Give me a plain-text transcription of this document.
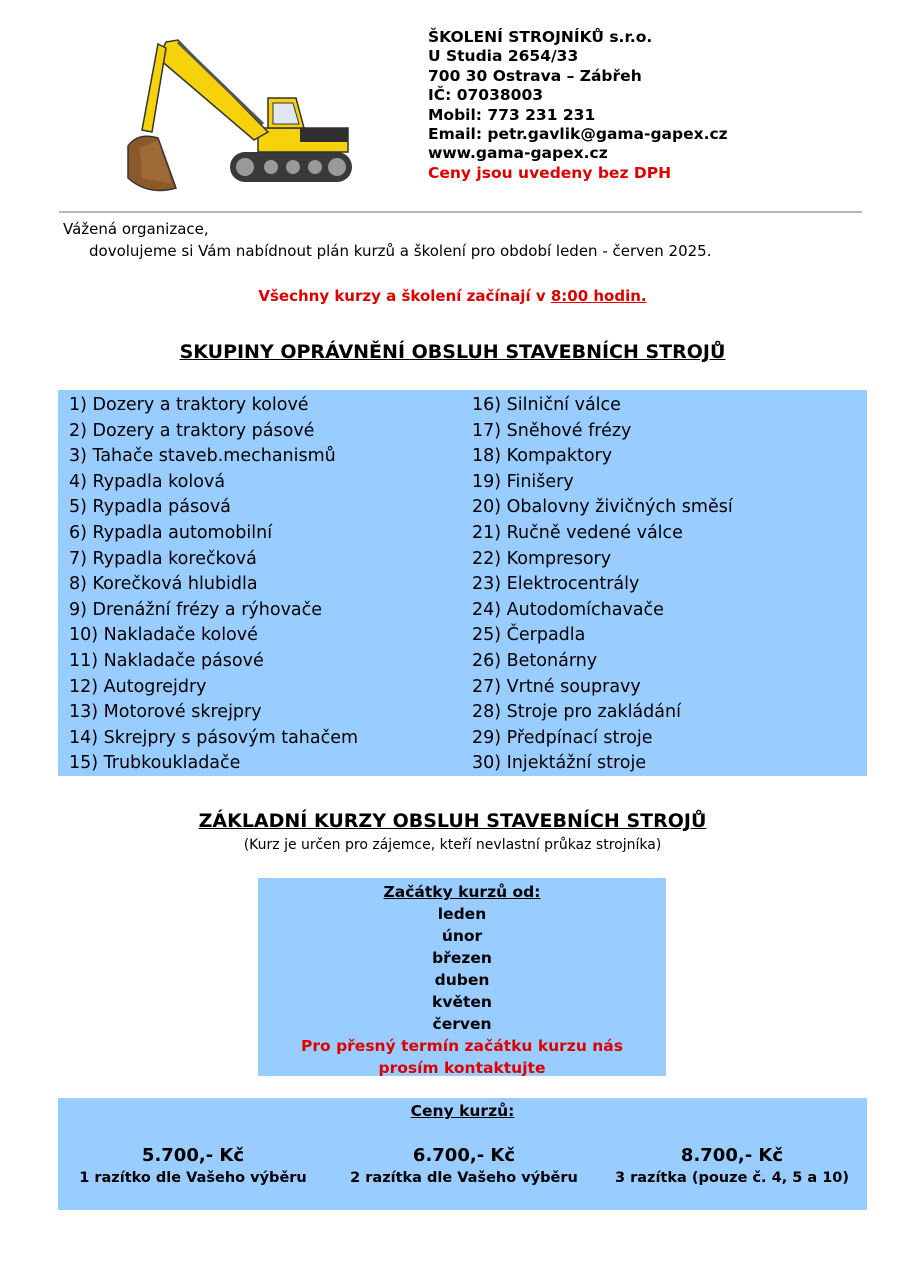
ŠKOLENÍ STROJNÍKŮ s.r.o.
U Studia 2654/33
700 30 Ostrava – Zábřeh
IČ: 07038003
Mobil: 773 231 231
Email: petr.gavlik@gama-gapex.cz
www.gama-gapex.cz
Ceny jsou uvedeny bez DPH
Vážená organizace,
dovolujeme si Vám nabídnout plán kurzů a školení pro období leden - červen 2025.
Všechny kurzy a školení začínají v 8:00 hodin.
SKUPINY OPRÁVNĚNÍ OBSLUH STAVEBNÍCH STROJŮ
1) Dozery a traktory kolové
2) Dozery a traktory pásové
3) Tahače staveb.mechanismů
4) Rypadla kolová
5) Rypadla pásová
6) Rypadla automobilní
7) Rypadla korečková
8) Korečková hlubidla
9) Drenážní frézy a rýhovače
10) Nakladače kolové
11) Nakladače pásové
12) Autogrejdry
13) Motorové skrejpry
14) Skrejpry s pásovým tahačem
15) Trubkoukladače
16) Silniční válce
17) Sněhové frézy
18) Kompaktory
19) Finišery
20) Obalovny živičných směsí
21) Ručně vedené válce
22) Kompresory
23) Elektrocentrály
24) Autodomíchavače
25) Čerpadla
26) Betonárny
27) Vrtné soupravy
28) Stroje pro zakládání
29) Předpínací stroje
30) Injektážní stroje
ZÁKLADNÍ KURZY OBSLUH STAVEBNÍCH STROJŮ
(Kurz je určen pro zájemce, kteří nevlastní průkaz strojníka)
Začátky kurzů od:
leden
únor
březen
duben
květen
červen
Pro přesný termín začátku kurzu nás
prosím kontaktujte
Ceny kurzů:
5.700,- Kč
1 razítko dle Vašeho výběru
6.700,- Kč
2 razítka dle Vašeho výběru
8.700,- Kč
3 razítka (pouze č. 4, 5 a 10)
